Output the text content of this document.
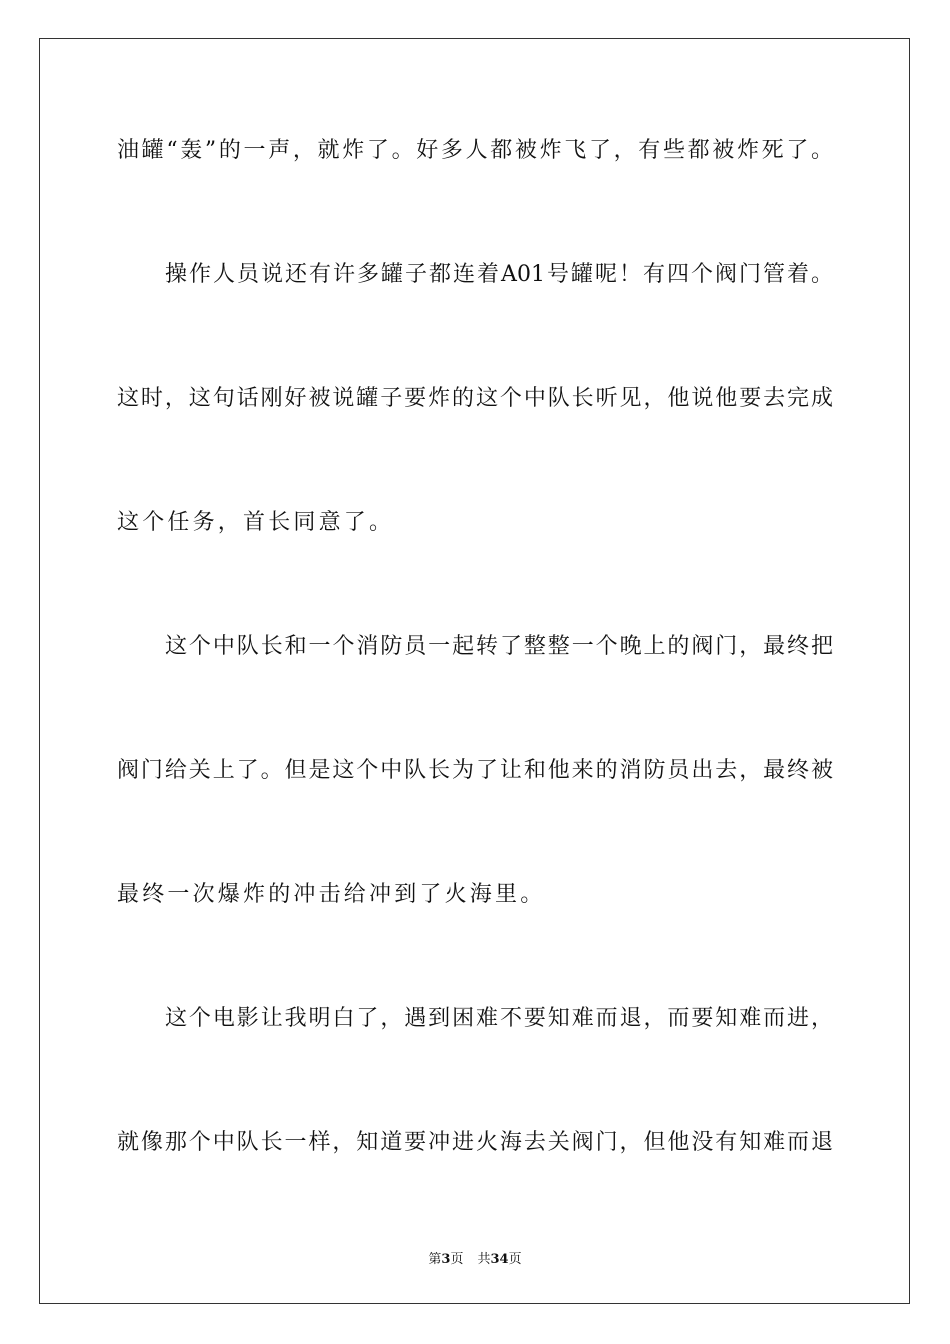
油罐“轰”的一声，就炸了。好多人都被炸飞了，有些都被炸死了。
操作人员说还有许多罐子都连着A01号罐呢！有四个阀门管着。
这时，这句话刚好被说罐子要炸的这个中队长听见，他说他要去完成
这个任务，首长同意了。
这个中队长和一个消防员一起转了整整一个晚上的阀门，最终把
阀门给关上了。但是这个中队长为了让和他来的消防员出去，最终被
最终一次爆炸的冲击给冲到了火海里。
这个电影让我明白了，遇到困难不要知难而退，而要知难而进，
就像那个中队长一样，知道要冲进火海去关阀门，但他没有知难而退
第3页 共34页
